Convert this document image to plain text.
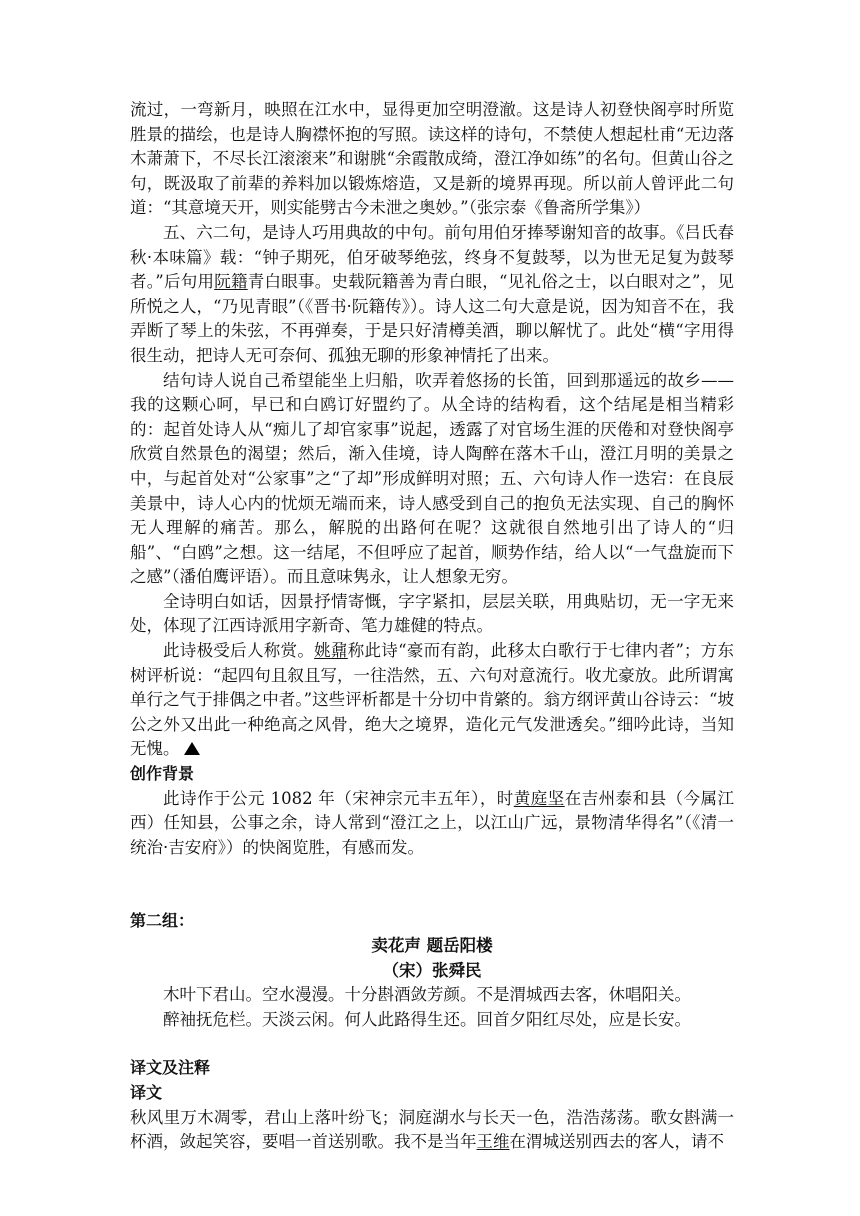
流过，一弯新月，映照在江水中，显得更加空明澄澈。这是诗人初登快阁亭时所览胜景的描绘，也是诗人胸襟怀抱的写照。读这样的诗句，不禁使人想起杜甫“无边落木萧萧下，不尽长江滚滚来”和谢朓“余霞散成绮，澄江净如练”的名句。但黄山谷之句，既汲取了前辈的养料加以锻炼熔造，又是新的境界再现。所以前人曾评此二句道：“其意境天开，则实能劈古今未泄之奥妙。”（张宗泰《鲁斋所学集》）

五、六二句，是诗人巧用典故的中句。前句用伯牙捧琴谢知音的故事。《吕氏春秋·本味篇》载：“钟子期死，伯牙破琴绝弦，终身不复鼓琴，以为世无足复为鼓琴者。”后句用阮籍青白眼事。史载阮籍善为青白眼，“见礼俗之士，以白眼对之”，见所悦之人，“乃见青眼”（《晋书·阮籍传》）。诗人这二句大意是说，因为知音不在，我弄断了琴上的朱弦，不再弹奏，于是只好清樽美酒，聊以解忧了。此处“横“字用得很生动，把诗人无可奈何、孤独无聊的形象神情托了出来。

结句诗人说自己希望能坐上归船，吹弄着悠扬的长笛，回到那遥远的故乡——我的这颗心呵，早已和白鸥订好盟约了。从全诗的结构看，这个结尾是相当精彩的：起首处诗人从“痴儿了却官家事”说起，透露了对官场生涯的厌倦和对登快阁亭欣赏自然景色的渴望；然后，渐入佳境，诗人陶醉在落木千山，澄江月明的美景之中，与起首处对“公家事”之“了却”形成鲜明对照；五、六句诗人作一迭宕：在良辰美景中，诗人心内的忧烦无端而来，诗人感受到自己的抱负无法实现、自己的胸怀无人理解的痛苦。那么，解脱的出路何在呢？这就很自然地引出了诗人的“归船”、“白鸥”之想。这一结尾，不但呼应了起首，顺势作结，给人以“一气盘旋而下之感”（潘伯鹰评语）。而且意味隽永，让人想象无穷。

全诗明白如话，因景抒情寄慨，字字紧扣，层层关联，用典贴切，无一字无来处，体现了江西诗派用字新奇、笔力雄健的特点。

此诗极受后人称赏。姚鼐称此诗“豪而有韵，此移太白歌行于七律内者”；方东树评析说：“起四句且叙且写，一往浩然，五、六句对意流行。收尤豪放。此所谓寓单行之气于排偶之中者。”这些评析都是十分切中肯綮的。翁方纲评黄山谷诗云：“坡公之外又出此一种绝高之风骨，绝大之境界，造化元气发泄透矣。”细吟此诗，当知无愧。

创作背景

此诗作于公元 1082 年（宋神宗元丰五年），时黄庭坚在吉州泰和县（今属江西）任知县，公事之余，诗人常到“澄江之上，以江山广远，景物清华得名”（《清一统治·吉安府》）的快阁览胜，有感而发。

第二组：

卖花声 题岳阳楼

（宋）张舜民

木叶下君山。空水漫漫。十分斟酒敛芳颜。不是渭城西去客，休唱阳关。

醉袖抚危栏。天淡云闲。何人此路得生还。回首夕阳红尽处，应是长安。

译文及注释

译文

秋风里万木凋零，君山上落叶纷飞；洞庭湖水与长天一色，浩浩荡荡。歌女斟满一杯酒，敛起笑容，要唱一首送别歌。我不是当年王维在渭城送别西去的客人，请不
